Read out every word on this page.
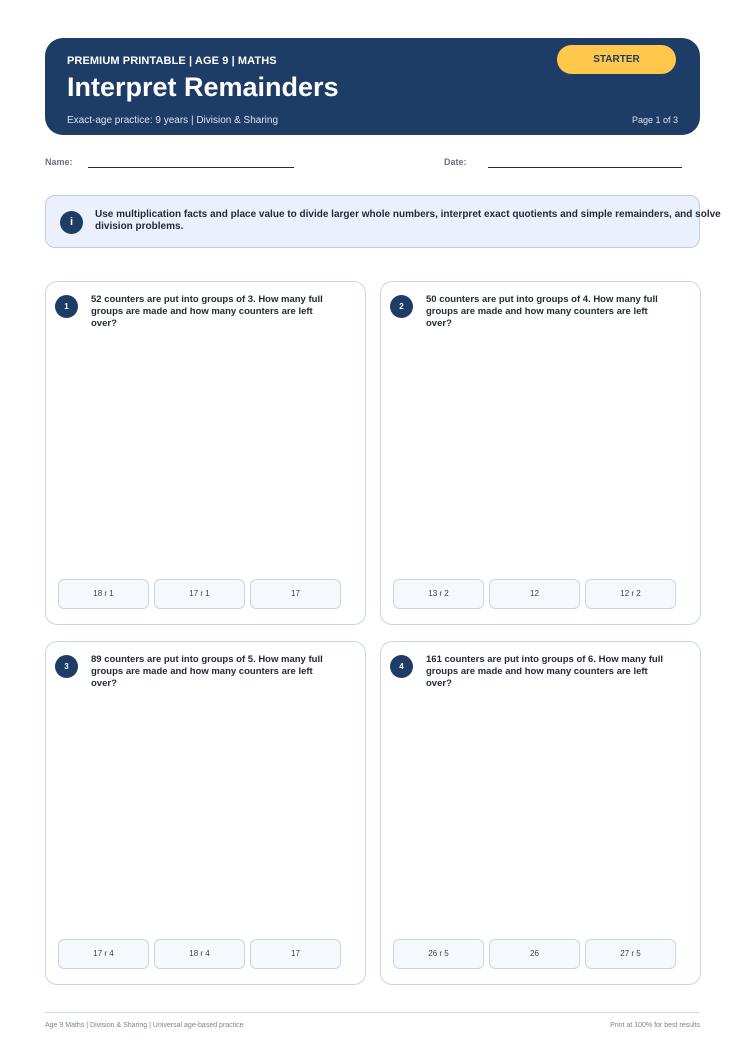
PREMIUM PRINTABLE | AGE 9 | MATHS
Interpret Remainders
Exact-age practice: 9 years | Division & Sharing	Page 1 of 3
STARTER
Name:	Date:
i
Use multiplication facts and place value to divide larger whole numbers, interpret exact quotients and simple remainders, and solve division problems.
1
52 counters are put into groups of 3. How many full groups are made and how many counters are left over?
18 r 1	17 r 1	17
2
50 counters are put into groups of 4. How many full groups are made and how many counters are left over?
13 r 2	12	12 r 2
3
89 counters are put into groups of 5. How many full groups are made and how many counters are left over?
17 r 4	18 r 4	17
4
161 counters are put into groups of 6. How many full groups are made and how many counters are left over?
26 r 5	26	27 r 5
Age 9 Maths | Division & Sharing | Universal age-based practice	Print at 100% for best results
